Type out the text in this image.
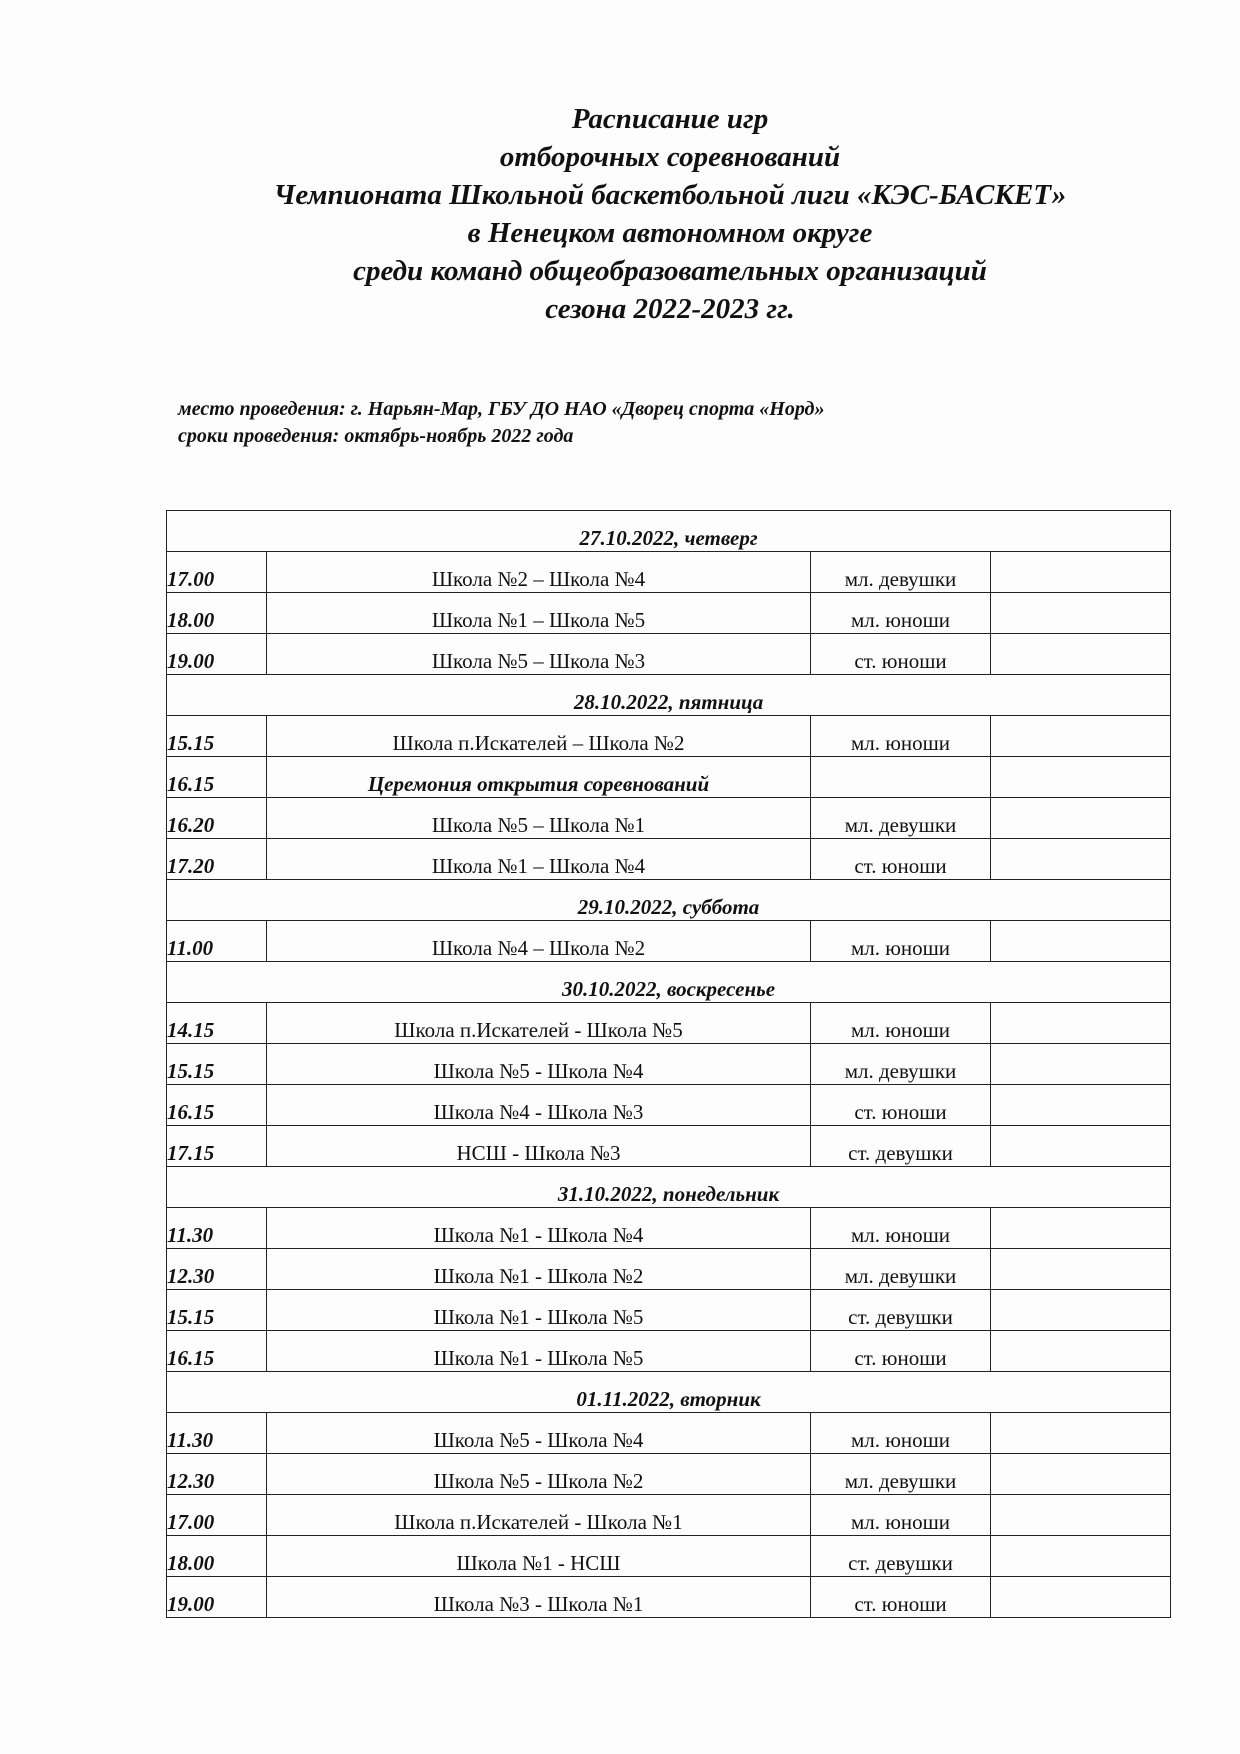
Расписание игр

отборочных соревнований

Чемпионата Школьной баскетбольной лиги «КЭС-БАСКЕТ»

в Ненецком автономном округе

среди команд общеобразовательных организаций

сезона 2022-2023 гг.

место проведения: г. Нарьян-Мар, ГБУ ДО НАО «Дворец спорта «Норд»

сроки проведения: октябрь-ноябрь 2022 года

27.10.2022, четверг			
17.00	Школа №2 – Школа №4	мл. девушки	
18.00	Школа №1 – Школа №5	мл. юноши	
19.00	Школа №5 – Школа №3	ст. юноши	
28.10.2022, пятница			
15.15	Школа п.Искателей – Школа №2	мл. юноши	
16.15	Церемония открытия соревнований		
16.20	Школа №5 – Школа №1	мл. девушки	
17.20	Школа №1 – Школа №4	ст. юноши	
29.10.2022, суббота			
11.00	Школа №4 – Школа №2	мл. юноши	
30.10.2022, воскресенье			
14.15	Школа п.Искателей - Школа №5	мл. юноши	
15.15	Школа №5 - Школа №4	мл. девушки	
16.15	Школа №4 - Школа №3	ст. юноши	
17.15	НСШ - Школа №3	ст. девушки	
31.10.2022, понедельник			
11.30	Школа №1 - Школа №4	мл. юноши	
12.30	Школа №1 - Школа №2	мл. девушки	
15.15	Школа №1 - Школа №5	ст. девушки	
16.15	Школа №1 - Школа №5	ст. юноши	
01.11.2022, вторник			
11.30	Школа №5 - Школа №4	мл. юноши	
12.30	Школа №5 - Школа №2	мл. девушки	
17.00	Школа п.Искателей - Школа №1	мл. юноши	
18.00	Школа №1 - НСШ	ст. девушки	
19.00	Школа №3 - Школа №1	ст. юноши	
